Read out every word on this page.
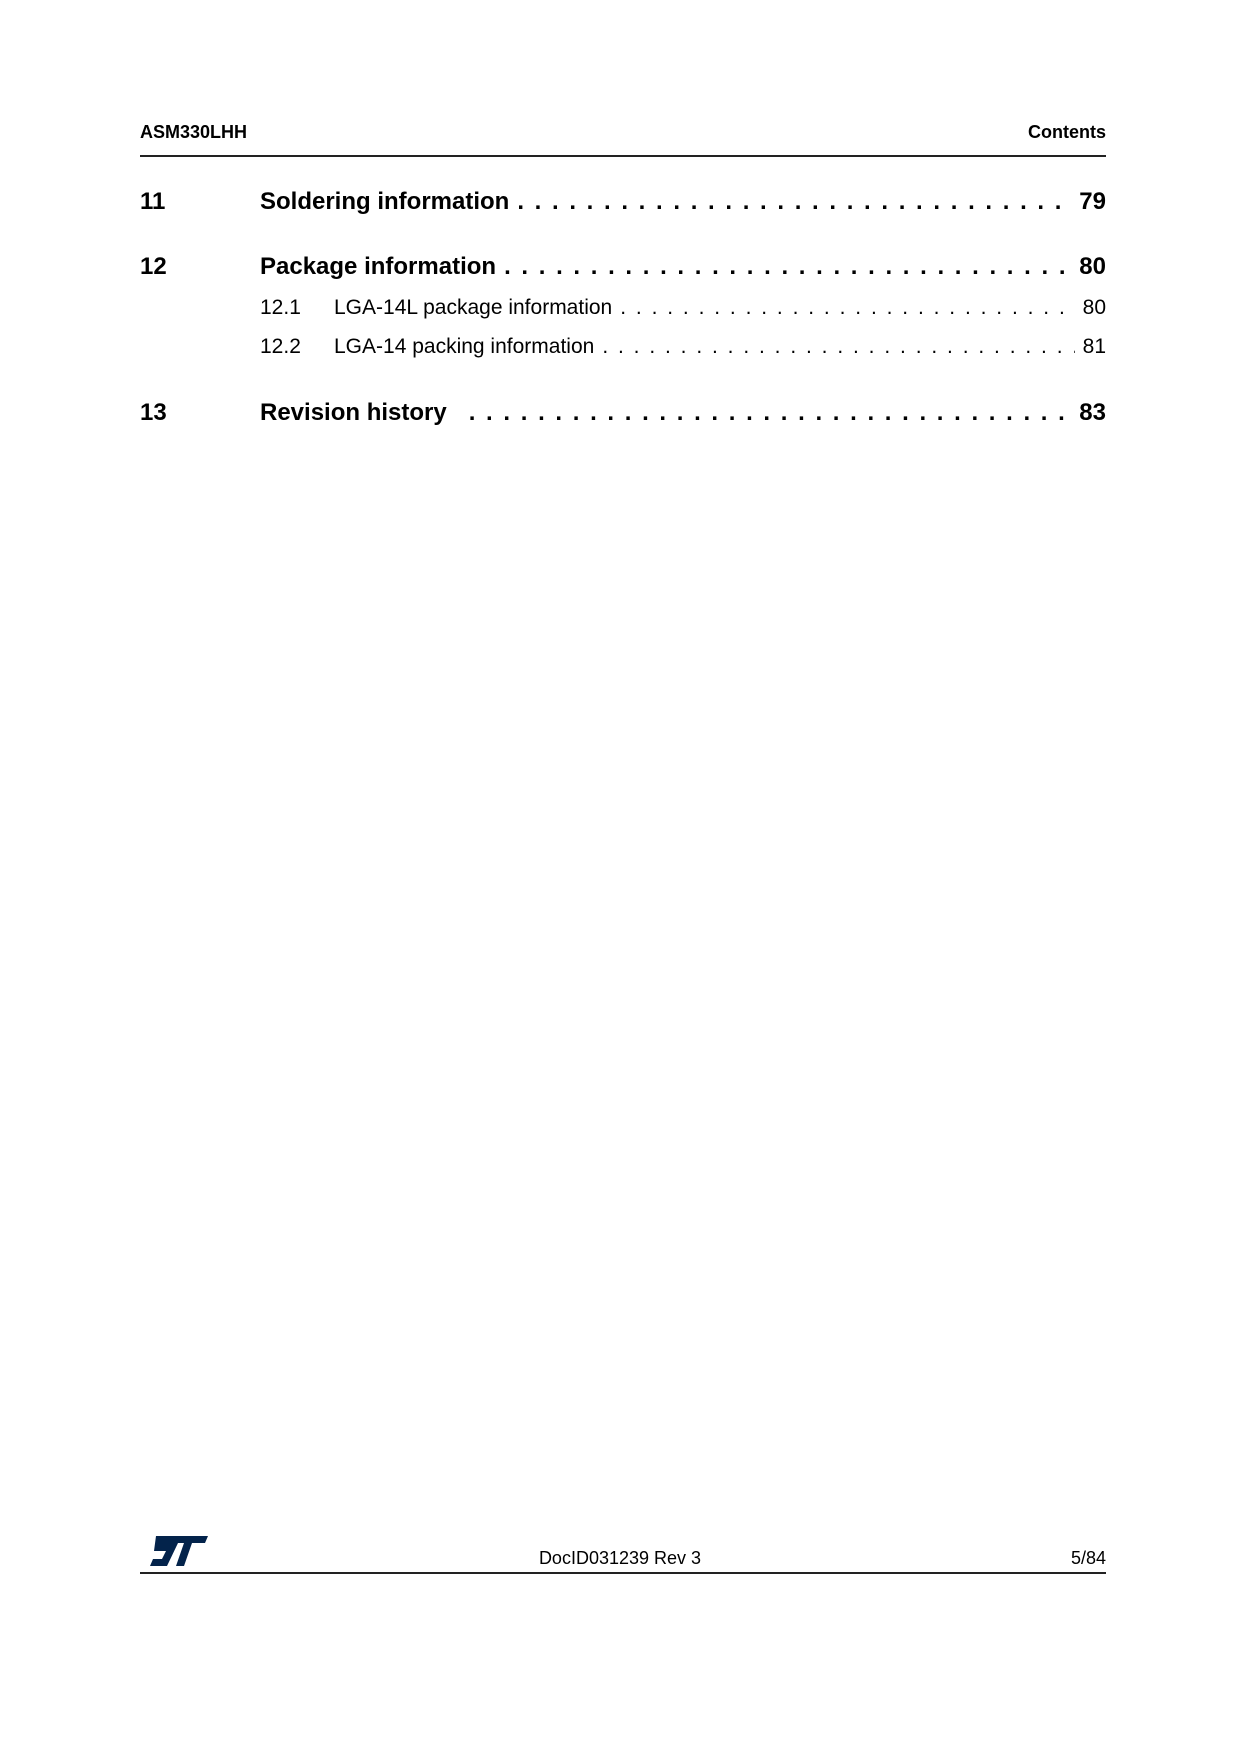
ASM330LHH	Contents
11	Soldering information . . .	79
12	Package information . . .	80
12.1	LGA-14L package information . . .	80
12.2	LGA-14 packing information . . .	81
13	Revision history . . .	83
DocID031239 Rev 3	5/84
